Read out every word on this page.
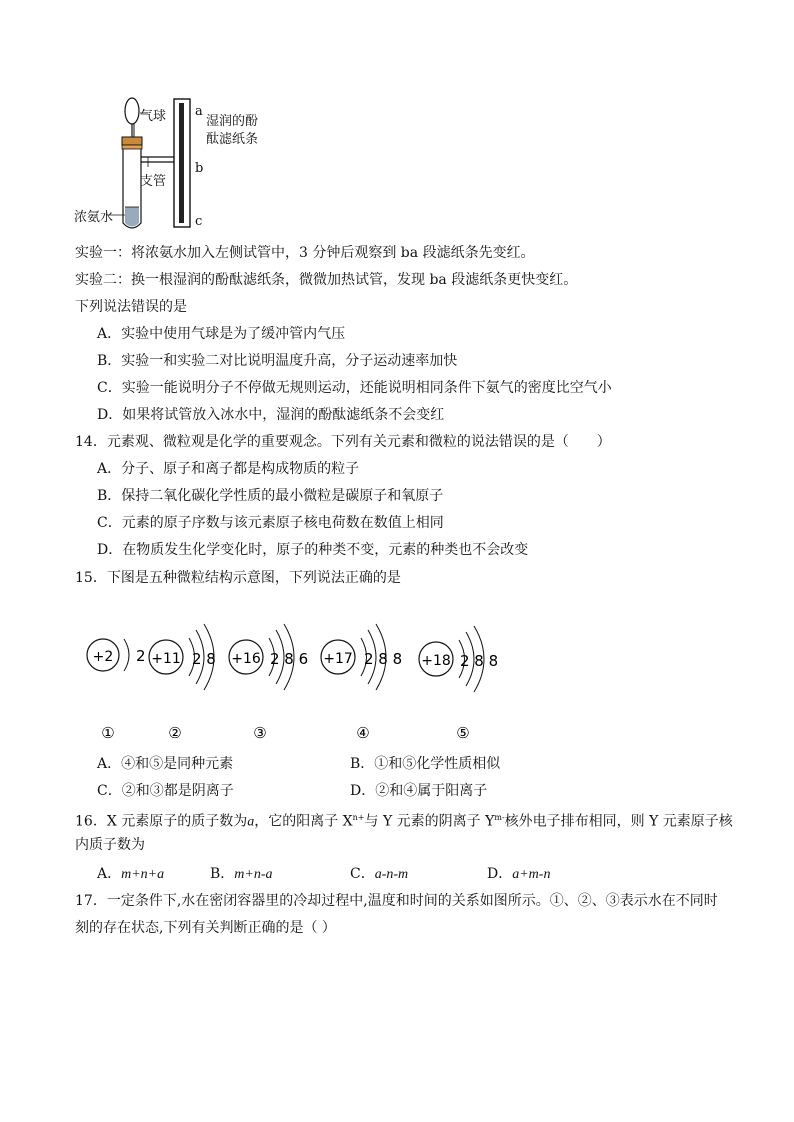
气球 a
湿润的酚
酞滤纸条
支管
b
浓氨水	c
实验一：将浓氨水加入左侧试管中，3 分钟后观察到 ba 段滤纸条先变红。
实验二：换一根湿润的酚酞滤纸条，微微加热试管，发现 ba 段滤纸条更快变红。
下列说法错误的是
A．实验中使用气球是为了缓冲管内气压
B．实验一和实验二对比说明温度升高，分子运动速率加快
C．实验一能说明分子不停做无规则运动，还能说明相同条件下氨气的密度比空气小
D．如果将试管放入冰水中，湿润的酚酞滤纸条不会变红
14．元素观、微粒观是化学的重要观念。下列有关元素和微粒的说法错误的是（　　）
A．分子、原子和离子都是构成物质的粒子
B．保持二氧化碳化学性质的最小微粒是碳原子和氧原子
C．元素的原子序数与该元素原子核电荷数在数值上相同
D．在物质发生化学变化时，原子的种类不变，元素的种类也不会改变
15．下图是五种微粒结构示意图，下列说法正确的是
+2 2
①
+11 2 8
②
+16 2 8 6
③
+17 2 8 8
④
+18 2 8 8
⑤
A．④和⑤是同种元素	B．①和⑤化学性质相似
C．②和③都是阴离子	D．②和④属于阳离子
16．X 元素原子的质子数为a，它的阳离子 $X^{n+}$与 Y 元素的阴离子 $Y^{m-}$核外电子排布相同，则 Y 元素原子核
内质子数为
A．m+n+a	B．m+n-a	C．a-n-m	D．a+m-n
17．一定条件下,水在密闭容器里的冷却过程中,温度和时间的关系如图所示。①、②、③表示水在不同时
刻的存在状态,下列有关判断正确的是（ ）
